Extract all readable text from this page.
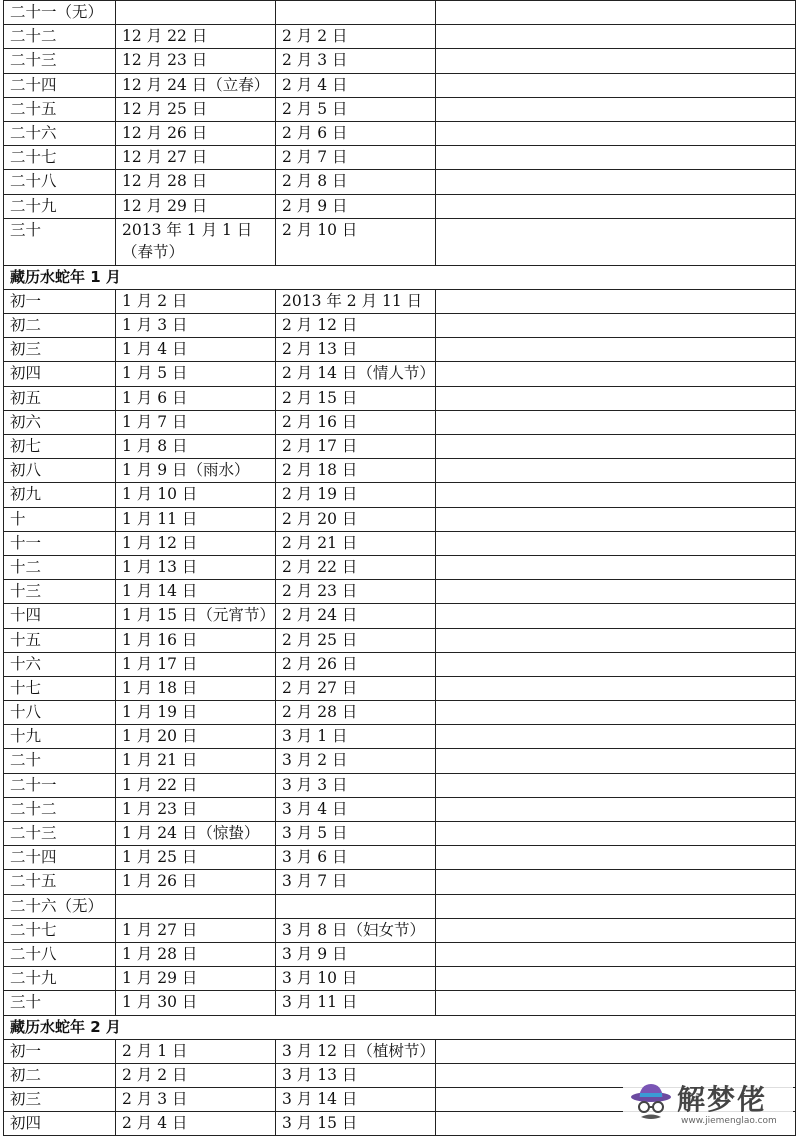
二十一（无）			
二十二	12 月 22 日	2 月 2 日	
二十三	12 月 23 日	2 月 3 日	
二十四	12 月 24 日（立春）	2 月 4 日	
二十五	12 月 25 日	2 月 5 日	
二十六	12 月 26 日	2 月 6 日	
二十七	12 月 27 日	2 月 7 日	
二十八	12 月 28 日	2 月 8 日	
二十九	12 月 29 日	2 月 9 日	
三十	2013 年 1 月 1 日（春节）	2 月 10 日	
藏历水蛇年 1 月			
初一	1 月 2 日	2013 年 2 月 11 日	
初二	1 月 3 日	2 月 12 日	
初三	1 月 4 日	2 月 13 日	
初四	1 月 5 日	2 月 14 日（情人节）	
初五	1 月 6 日	2 月 15 日	
初六	1 月 7 日	2 月 16 日	
初七	1 月 8 日	2 月 17 日	
初八	1 月 9 日（雨水）	2 月 18 日	
初九	1 月 10 日	2 月 19 日	
十	1 月 11 日	2 月 20 日	
十一	1 月 12 日	2 月 21 日	
十二	1 月 13 日	2 月 22 日	
十三	1 月 14 日	2 月 23 日	
十四	1 月 15 日（元宵节）	2 月 24 日	
十五	1 月 16 日	2 月 25 日	
十六	1 月 17 日	2 月 26 日	
十七	1 月 18 日	2 月 27 日	
十八	1 月 19 日	2 月 28 日	
十九	1 月 20 日	3 月 1 日	
二十	1 月 21 日	3 月 2 日	
二十一	1 月 22 日	3 月 3 日	
二十二	1 月 23 日	3 月 4 日	
二十三	1 月 24 日（惊蛰）	3 月 5 日	
二十四	1 月 25 日	3 月 6 日	
二十五	1 月 26 日	3 月 7 日	
二十六（无）			
二十七	1 月 27 日	3 月 8 日（妇女节）	
二十八	1 月 28 日	3 月 9 日	
二十九	1 月 29 日	3 月 10 日	
三十	1 月 30 日	3 月 11 日	
藏历水蛇年 2 月			
初一	2 月 1 日	3 月 12 日（植树节）	
初二	2 月 2 日	3 月 13 日	
初三	2 月 3 日	3 月 14 日	
初四	2 月 4 日	3 月 15 日	
解梦佬
www.jiemenglao.com
